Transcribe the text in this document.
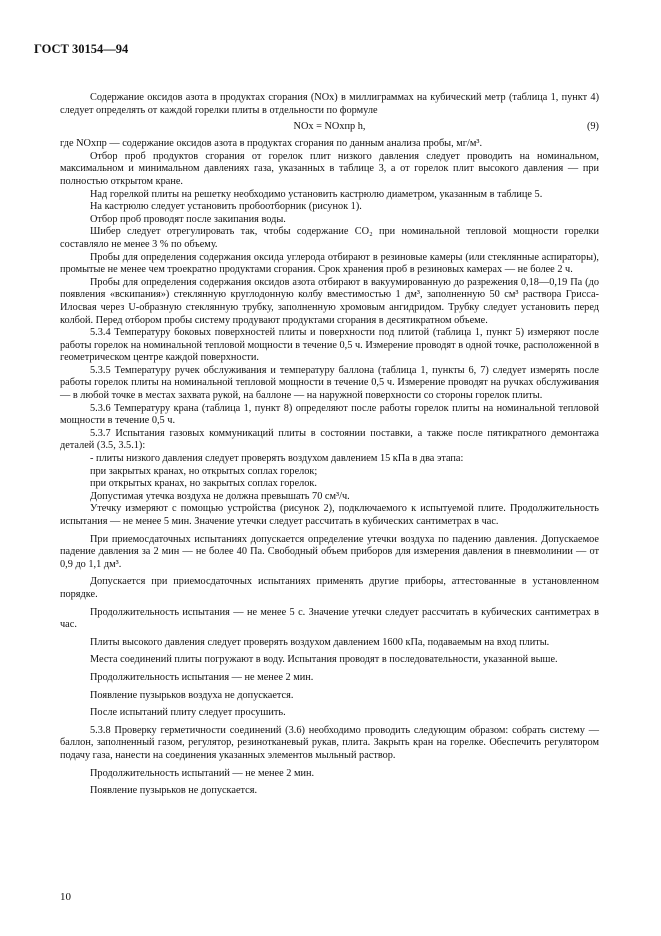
ГОСТ 30154—94

Содержание оксидов азота в продуктах сгорания (NOx) в миллиграммах на кубический метр (таблица 1, пункт 4) следует определять от каждой горелки плиты в отдельности по формуле

NOx = NOхпр h,	(9)

где NOхпр — содержание оксидов азота в продуктах сгорания по данным анализа пробы, мг/м³.

Отбор проб продуктов сгорания от горелок плит низкого давления следует проводить на номинальном, максимальном и минимальном давлениях газа, указанных в таблице 3, а от горелок плит высокого давления — при полностью открытом кране.

Над горелкой плиты на решетку необходимо установить кастрюлю диаметром, указанным в таблице 5.

На кастрюлю следует установить пробоотборник (рисунок 1).

Отбор проб проводят после закипания воды.

Шибер следует отрегулировать так, чтобы содержание CO₂ при номинальной тепловой мощности горелки составляло не менее 3 % по объему.

Пробы для определения содержания оксида углерода отбирают в резиновые камеры (или стеклянные аспираторы), промытые не менее чем троекратно продуктами сгорания. Срок хранения проб в резиновых камерах — не более 2 ч.

Пробы для определения содержания оксидов азота отбирают в вакуумированную до разрежения 0,18—0,19 Па (до появления «вскипания») стеклянную круглодонную колбу вместимостью 1 дм³, заполненную 50 см³ раствора Грисса-Илосвая через U-образную стеклянную трубку, заполненную хромовым ангидридом. Трубку следует установить перед колбой. Перед отбором пробы систему продувают продуктами сгорания в десятикратном объеме.

5.3.4 Температуру боковых поверхностей плиты и поверхности под плитой (таблица 1, пункт 5) измеряют после работы горелок на номинальной тепловой мощности в течение 0,5 ч. Измерение проводят в одной точке, расположенной в геометрическом центре каждой поверхности.

5.3.5 Температуру ручек обслуживания и температуру баллона (таблица 1, пункты 6, 7) следует измерять после работы горелок плиты на номинальной тепловой мощности в течение 0,5 ч. Измерение проводят на ручках обслуживания — в любой точке в местах захвата рукой, на баллоне — на наружной поверхности со стороны горелок плиты.

5.3.6 Температуру крана (таблица 1, пункт 8) определяют после работы горелок плиты на номинальной тепловой мощности в течение 0,5 ч.

5.3.7 Испытания газовых коммуникаций плиты в состоянии поставки, а также после пятикратного демонтажа деталей (3.5, 3.5.1):

- плиты низкого давления следует проверять воздухом давлением 15 кПа в два этапа:

при закрытых кранах, но открытых соплах горелок;

при открытых кранах, но закрытых соплах горелок.

Допустимая утечка воздуха не должна превышать 70 см³/ч.

Утечку измеряют с помощью устройства (рисунок 2), подключаемого к испытуемой плите. Продолжительность испытания — не менее 5 мин. Значение утечки следует рассчитать в кубических сантиметрах в час.

При приемосдаточных испытаниях допускается определение утечки воздуха по падению давления. Допускаемое падение давления за 2 мин — не более 40 Па. Свободный объем приборов для измерения давления в пневмолинии — от 0,9 до 1,1 дм³.

Допускается при приемосдаточных испытаниях применять другие приборы, аттестованные в установленном порядке.

Продолжительность испытания — не менее 5 с. Значение утечки следует рассчитать в кубических сантиметрах в час.

Плиты высокого давления следует проверять воздухом давлением 1600 кПа, подаваемым на вход плиты.

Места соединений плиты погружают в воду. Испытания проводят в последовательности, указанной выше.

Продолжительность испытания — не менее 2 мин.

Появление пузырьков воздуха не допускается.

После испытаний плиту следует просушить.

5.3.8 Проверку герметичности соединений (3.6) необходимо проводить следующим образом: собрать систему — баллон, заполненный газом, регулятор, резинотканевый рукав, плита. Закрыть кран на горелке. Обеспечить регулятором подачу газа, нанести на соединения указанных элементов мыльный раствор.

Продолжительность испытаний — не менее 2 мин.

Появление пузырьков не допускается.

10
